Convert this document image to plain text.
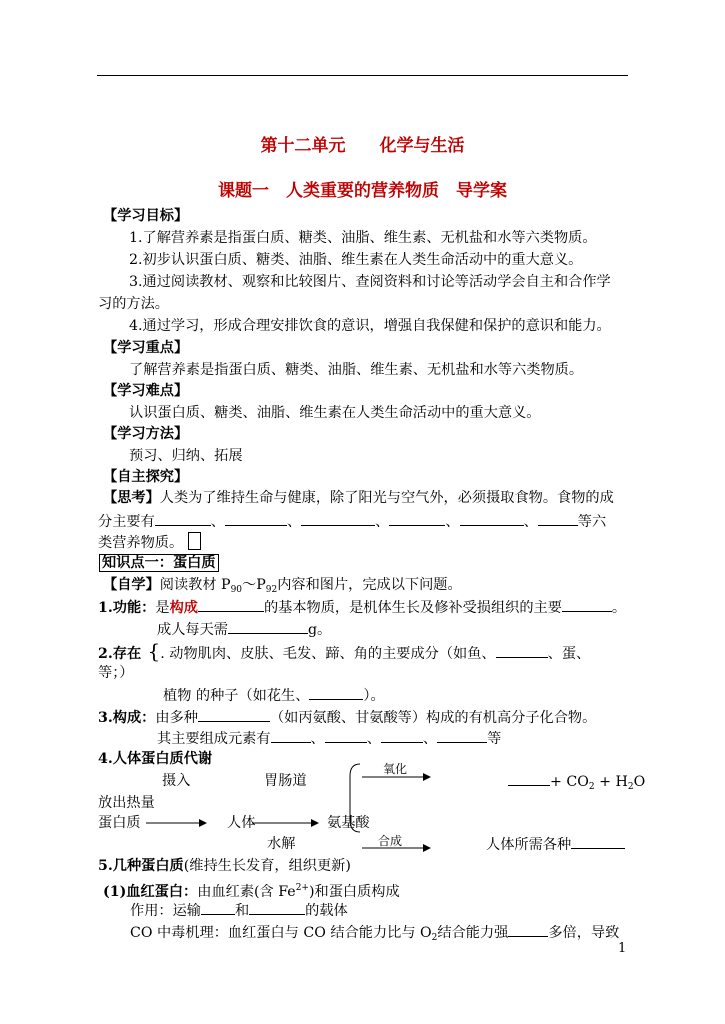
第十二单元　　化学与生活
课题一　人类重要的营养物质　导学案
【学习目标】
1.了解营养素是指蛋白质、糖类、油脂、维生素、无机盐和水等六类物质。
2.初步认识蛋白质、糖类、油脂、维生素在人类生命活动中的重大意义。
3.通过阅读教材、观察和比较图片、查阅资料和讨论等活动学会自主和合作学
习的方法。
4.通过学习，形成合理安排饮食的意识，增强自我保健和保护的意识和能力。
【学习重点】
了解营养素是指蛋白质、糖类、油脂、维生素、无机盐和水等六类物质。
【学习难点】
认识蛋白质、糖类、油脂、维生素在人类生命活动中的重大意义。
【学习方法】
预习、归纳、拓展
【自主探究】
【思考】人类为了维持生命与健康，除了阳光与空气外，必须摄取食物。食物的成
分主要有	、	、	、	、	、	等六
类营养物质。
知识点一：蛋白质
【自学】阅读教材 $P_{90}\sim P_{92}$内容和图片，完成以下问题。
1.功能：是构成	的基本物质，是机体生长及修补受损组织的主要	。
成人每天需	g。
2.存在 {. 动物肌肉、皮肤、毛发、蹄、角的主要成分（如鱼、	、蛋、
等；）
植物 的种子（如花生、	）。
3.构成：由多种	（如丙氨酸、甘氨酸等）构成的有机高分子化合物。
其主要组成元素有	、	、	、	等
4.人体蛋白质代谢
摄入	胃肠道
氧化
+ $CO_2 + H_2O$
放出热量
蛋白质	人体	氨基酸
水解	合成	人体所需各种
5.几种蛋白质(维持生长发育，组织更新)
(1)血红蛋白：由血红素(含 $Fe^{2+}$)和蛋白质构成
作用：运输 和	的载体
CO 中毒机理：血红蛋白与 CO 结合能力比与 $O_2$结合能力强	多倍，导致
1
